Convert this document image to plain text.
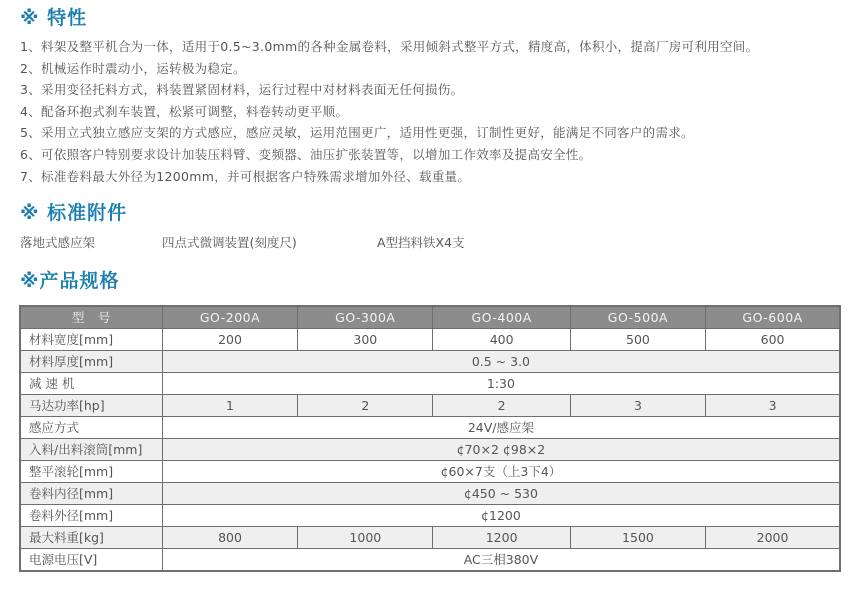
※ 特性
1、料架及整平机合为一体，适用于0.5~3.0mm的各种金属卷料，采用倾斜式整平方式，精度高，体积小，提高厂房可利用空间。
2、机械运作时震动小，运转极为稳定。
3、采用变径托料方式，料装置紧固材料，运行过程中对材料表面无任何损伤。
4、配备环抱式刹车装置，松紧可调整，料卷转动更平顺。
5、采用立式独立感应支架的方式感应，感应灵敏，运用范围更广，适用性更强，订制性更好，能满足不同客户的需求。
6、可依照客户特别要求设计加装压料臂、变频器、油压扩张装置等，以增加工作效率及提高安全性。
7、标准卷料最大外径为1200mm，并可根据客户特殊需求增加外径、载重量。
※ 标准附件
落地式感应架	四点式微调装置(刻度尺)	A型挡料铁X4支
※产品规格
型　号	GO-200A	GO-300A	GO-400A	GO-500A	GO-600A
材料宽度[mm]	200	300	400	500	600
材料厚度[mm]	0.5 ~ 3.0				
减 速 机	1:30				
马达功率[hp]	1	2	2	3	3
感应方式	24V/感应架				
入料/出料滚筒[mm]	¢70×2 ¢98×2				
整平滚轮[mm]	¢60×7支（上3下4）				
卷料内径[mm]	¢450 ~ 530				
卷料外径[mm]	¢1200				
最大料重[kg]	800	1000	1200	1500	2000
电源电压[V]	AC三相380V				
